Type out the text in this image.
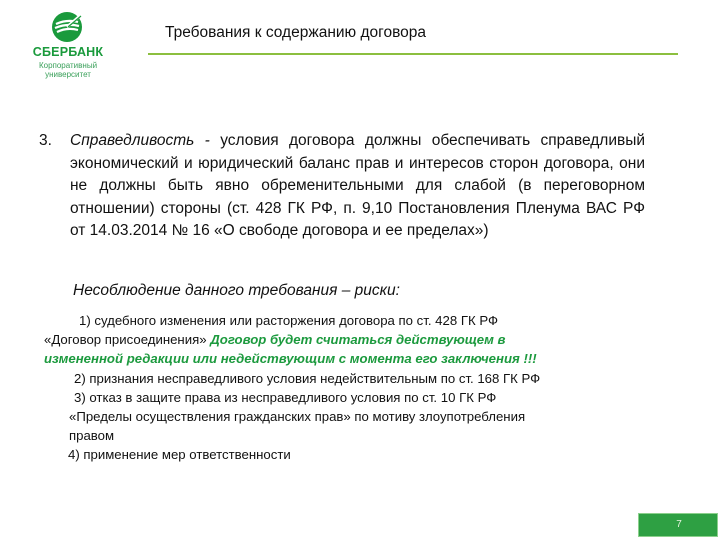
СБЕРБАНК
Корпоративный
университет
Требования к содержанию договора
3. Справедливость - условия договора должны обеспечивать справедливый экономический и юридический баланс прав и интересов сторон договора, они не должны быть явно обременительными для слабой (в переговорном отношении) стороны (ст. 428 ГК РФ, п. 9,10 Постановления Пленума ВАС РФ от 14.03.2014 № 16 «О свободе договора и ее пределах»)
Несоблюдение данного требования – риски:
1) судебного изменения или расторжения договора по ст. 428 ГК РФ
«Договор присоединения» Договор будет считаться действующем в
измененной редакции или недействующим с момента его заключения !!!
2) признания несправедливого условия недействительным по ст. 168 ГК РФ
3) отказ в защите права из несправедливого условия по ст. 10 ГК РФ
«Пределы осуществления гражданских прав» по мотиву злоупотребления
правом
4) применение мер ответственности
7
